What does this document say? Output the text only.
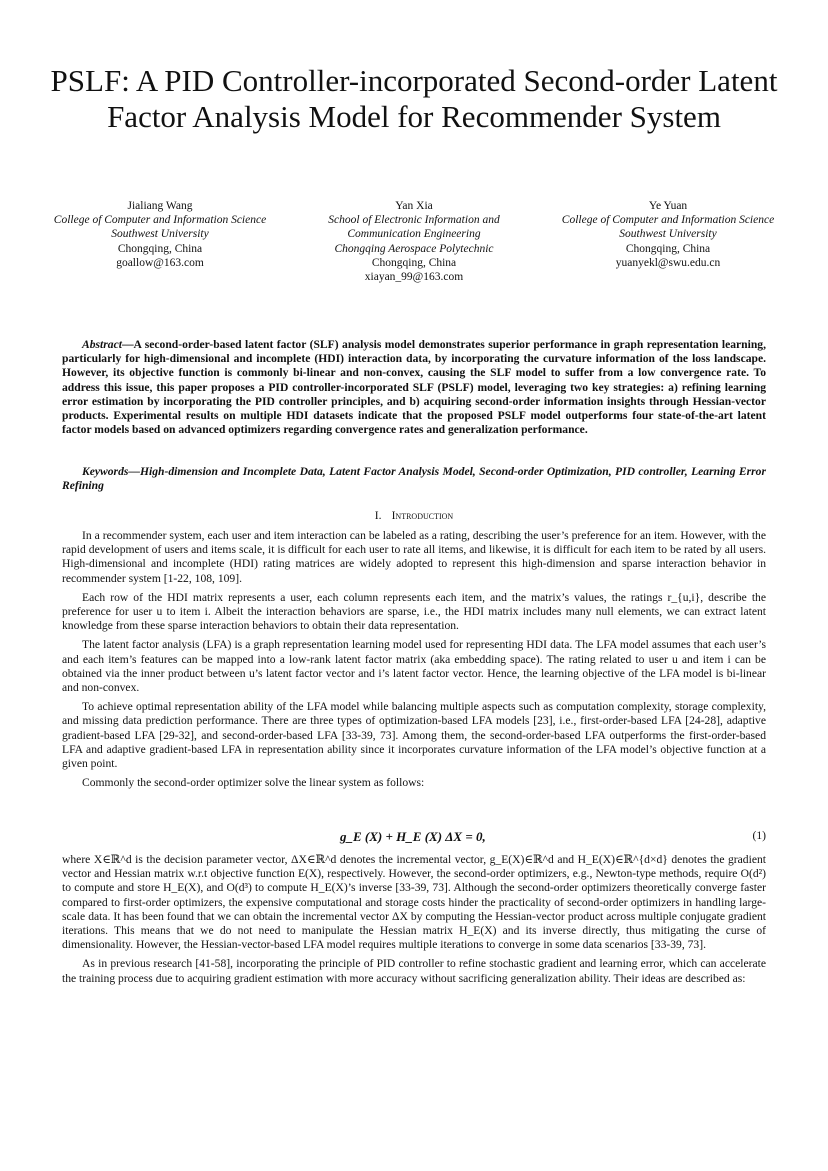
PSLF: A PID Controller-incorporated Second-order Latent Factor Analysis Model for Recommender System
Jialiang Wang
College of Computer and Information Science
Southwest University
Chongqing, China
goallow@163.com
Yan Xia
School of Electronic Information and Communication Engineering
Chongqing Aerospace Polytechnic
Chongqing, China
xiayan_99@163.com
Ye Yuan
College of Computer and Information Science
Southwest University
Chongqing, China
yuanyekl@swu.edu.cn
Abstract—A second-order-based latent factor (SLF) analysis model demonstrates superior performance in graph representation learning, particularly for high-dimensional and incomplete (HDI) interaction data, by incorporating the curvature information of the loss landscape. However, its objective function is commonly bi-linear and non-convex, causing the SLF model to suffer from a low convergence rate. To address this issue, this paper proposes a PID controller-incorporated SLF (PSLF) model, leveraging two key strategies: a) refining learning error estimation by incorporating the PID controller principles, and b) acquiring second-order information insights through Hessian-vector products. Experimental results on multiple HDI datasets indicate that the proposed PSLF model outperforms four state-of-the-art latent factor models based on advanced optimizers regarding convergence rates and generalization performance.
Keywords—High-dimension and Incomplete Data, Latent Factor Analysis Model, Second-order Optimization, PID controller, Learning Error Refining
I. Introduction

In a recommender system, each user and item interaction can be labeled as a rating, describing the user’s preference for an item. However, with the rapid development of users and items scale, it is difficult for each user to rate all items, and likewise, it is difficult for each item to be rated by all users. High-dimensional and incomplete (HDI) rating matrices are widely adopted to represent this high-dimension and sparse interaction behavior in recommender system [1-22, 108, 109].

Each row of the HDI matrix represents a user, each column represents each item, and the matrix’s values, the ratings r_{u,i}, describe the preference for user u to item i. Albeit the interaction behaviors are sparse, i.e., the HDI matrix includes many null elements, we can extract latent knowledge from these sparse interaction behaviors to obtain their data representation.

The latent factor analysis (LFA) is a graph representation learning model used for representing HDI data. The LFA model assumes that each user’s and each item’s features can be mapped into a low-rank latent factor matrix (aka embedding space). The rating related to user u and item i can be obtained via the inner product between u’s latent factor vector and i’s latent factor vector. Hence, the learning objective of the LFA model is bi-linear and non-convex.

To achieve optimal representation ability of the LFA model while balancing multiple aspects such as computation complexity, storage complexity, and missing data prediction performance. There are three types of optimization-based LFA models [23], i.e., first-order-based LFA [24-28], adaptive gradient-based LFA [29-32], and second-order-based LFA [33-39, 73]. Among them, the second-order-based LFA outperforms the first-order-based LFA and adaptive gradient-based LFA in representation ability since it incorporates curvature information of the LFA model’s objective function at a given point.

Commonly the second-order optimizer solve the linear system as follows:

g_E (X) + H_E (X) ΔX = 0,	(1)

where X∈ℝ^d is the decision parameter vector, ΔX∈ℝ^d denotes the incremental vector, g_E(X)∈ℝ^d and H_E(X)∈ℝ^{d×d} denotes the gradient vector and Hessian matrix w.r.t objective function E(X), respectively. However, the second-order optimizers, e.g., Newton-type methods, require O(d²) to compute and store H_E(X), and O(d³) to compute H_E(X)’s inverse [33-39, 73]. Although the second-order optimizers theoretically converge faster compared to first-order optimizers, the expensive computational and storage costs hinder the practicality of second-order optimizers in handling large-scale data. It has been found that we can obtain the incremental vector ΔX by computing the Hessian-vector product across multiple conjugate gradient iterations. This means that we do not need to manipulate the Hessian matrix H_E(X) and its inverse directly, thus mitigating the curse of dimensionality. However, the Hessian-vector-based LFA model requires multiple iterations to converge in some data scenarios [33-39, 73].

As in previous research [41-58], incorporating the principle of PID controller to refine stochastic gradient and learning error, which can accelerate the training process due to acquiring gradient estimation with more accuracy without sacrificing generalization ability. Their ideas are described as:
